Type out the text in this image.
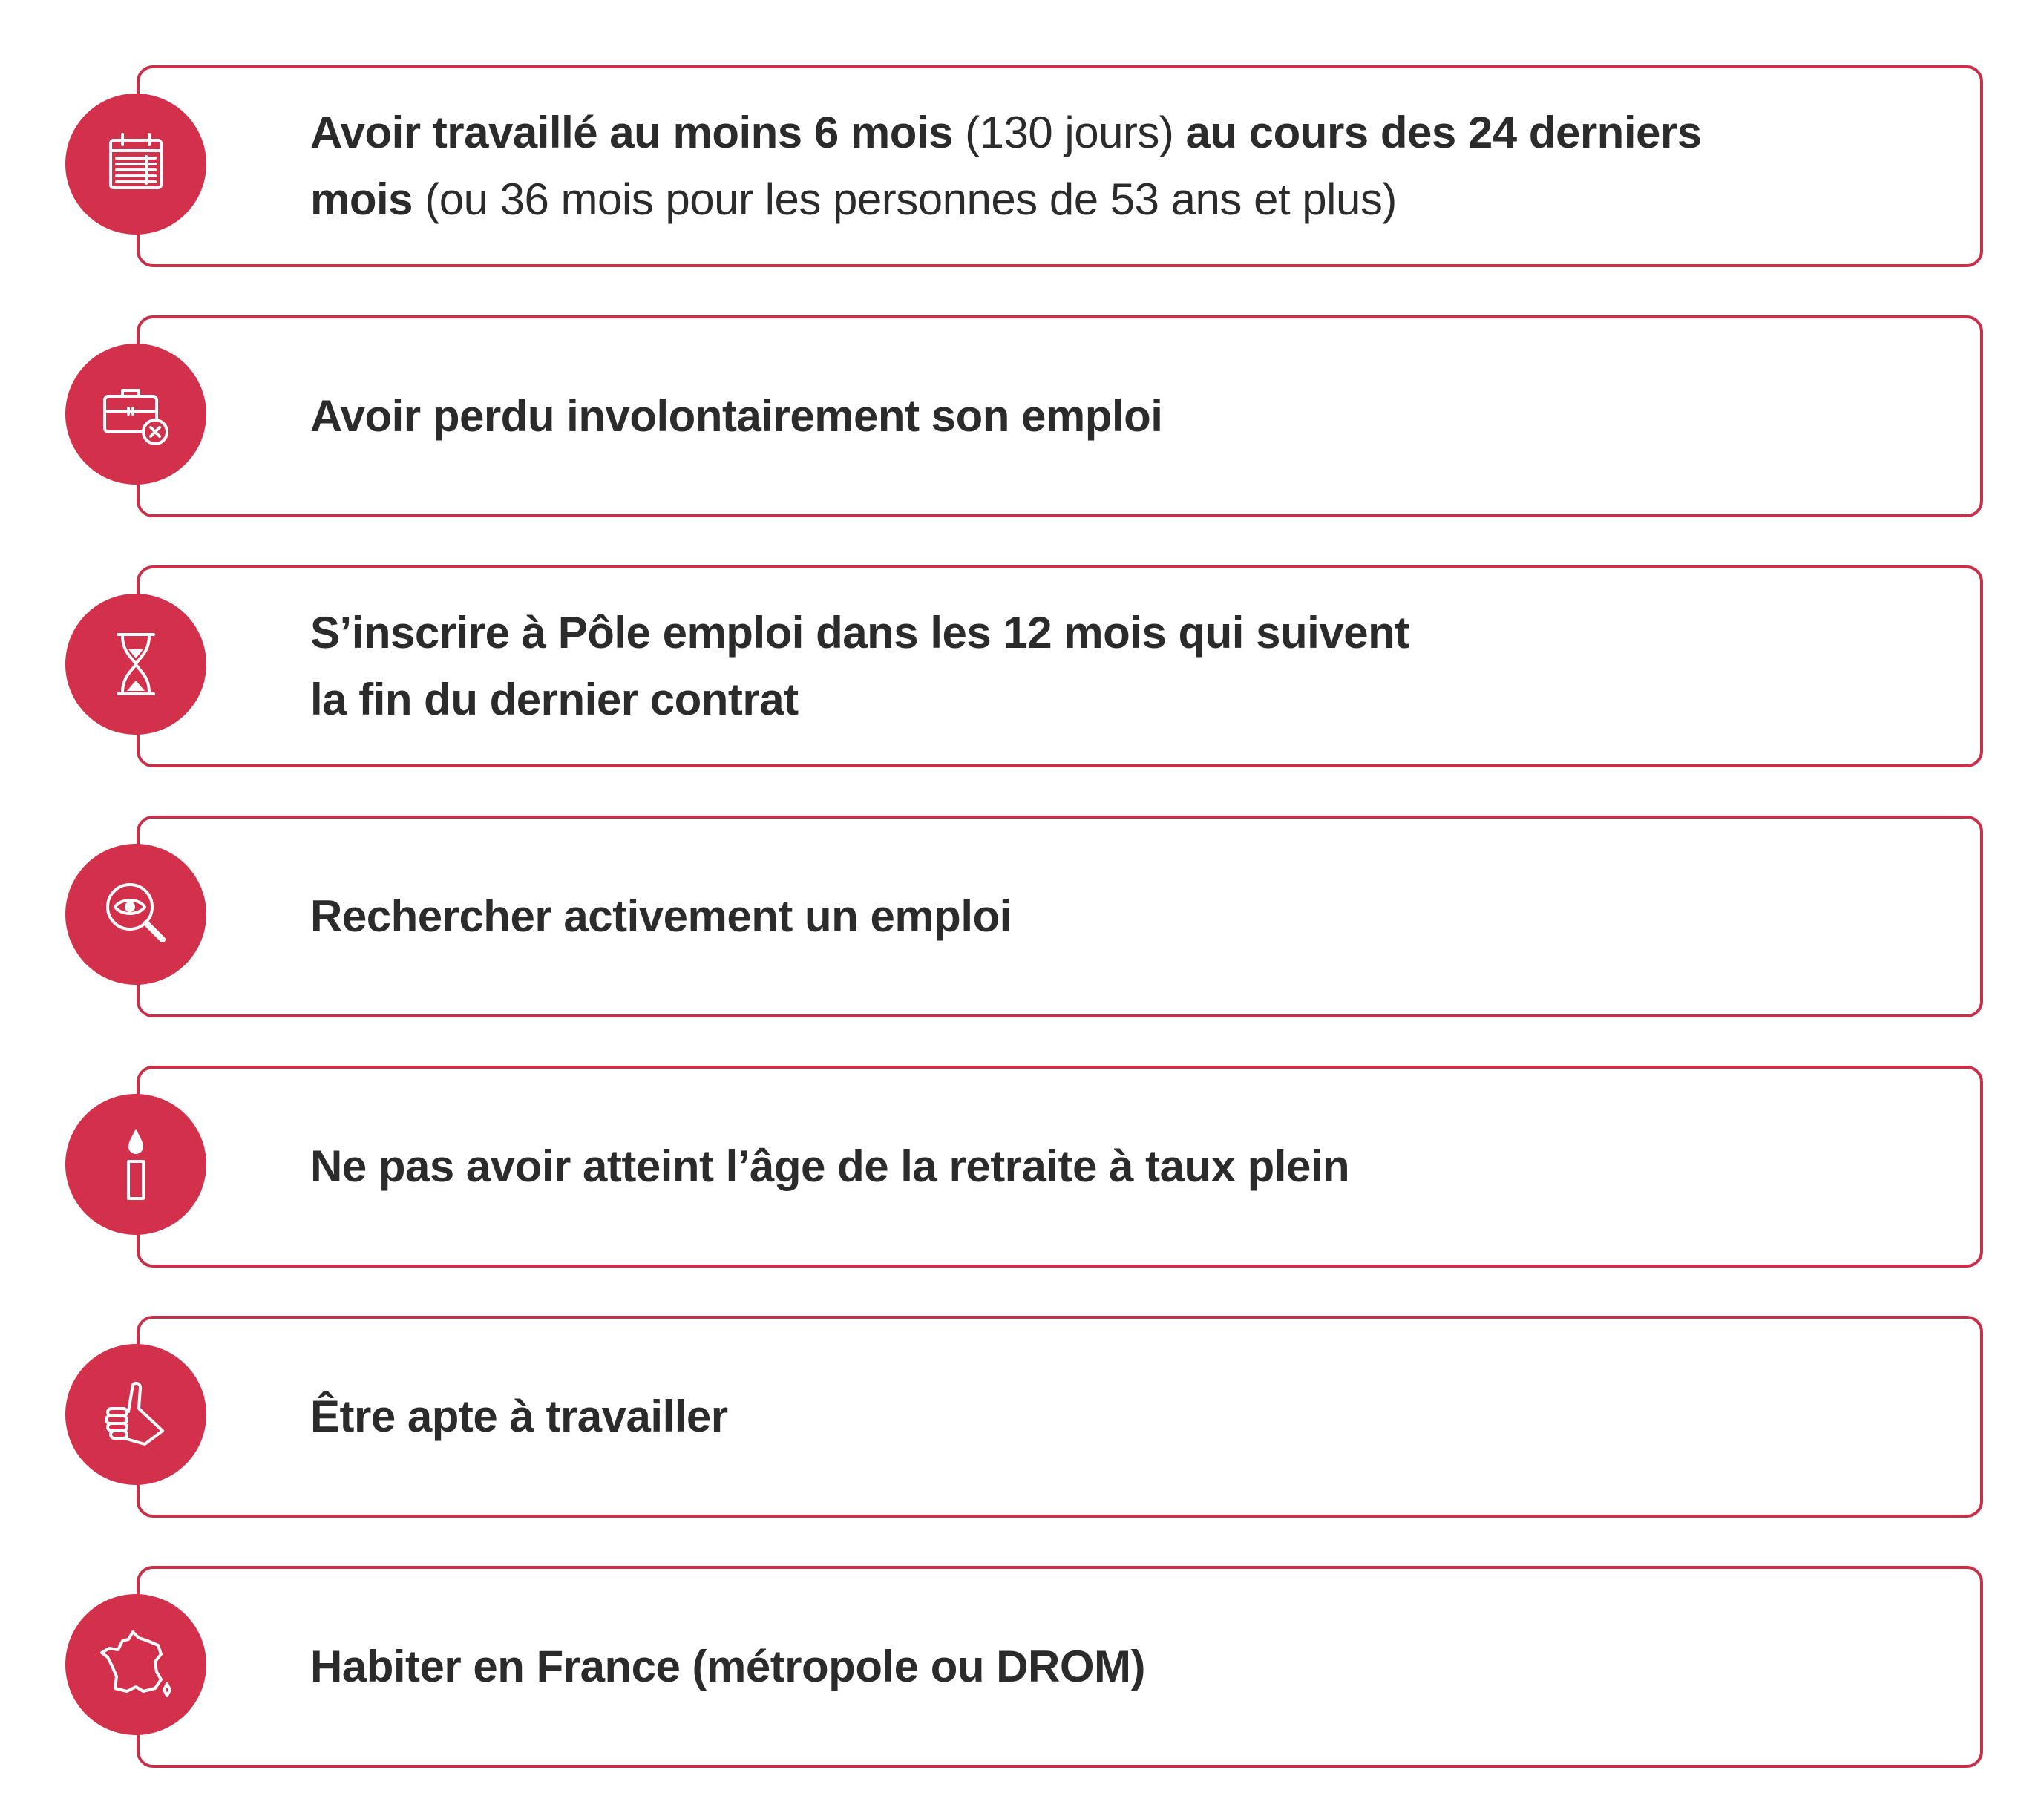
Avoir travaillé au moins 6 mois (130 jours) au cours des 24 derniers
mois (ou 36 mois pour les personnes de 53 ans et plus)
Avoir perdu involontairement son emploi
S’inscrire à Pôle emploi dans les 12 mois qui suivent
la fin du dernier contrat
Rechercher activement un emploi
Ne pas avoir atteint l’âge de la retraite à taux plein
Être apte à travailler
Habiter en France (métropole ou DROM)
